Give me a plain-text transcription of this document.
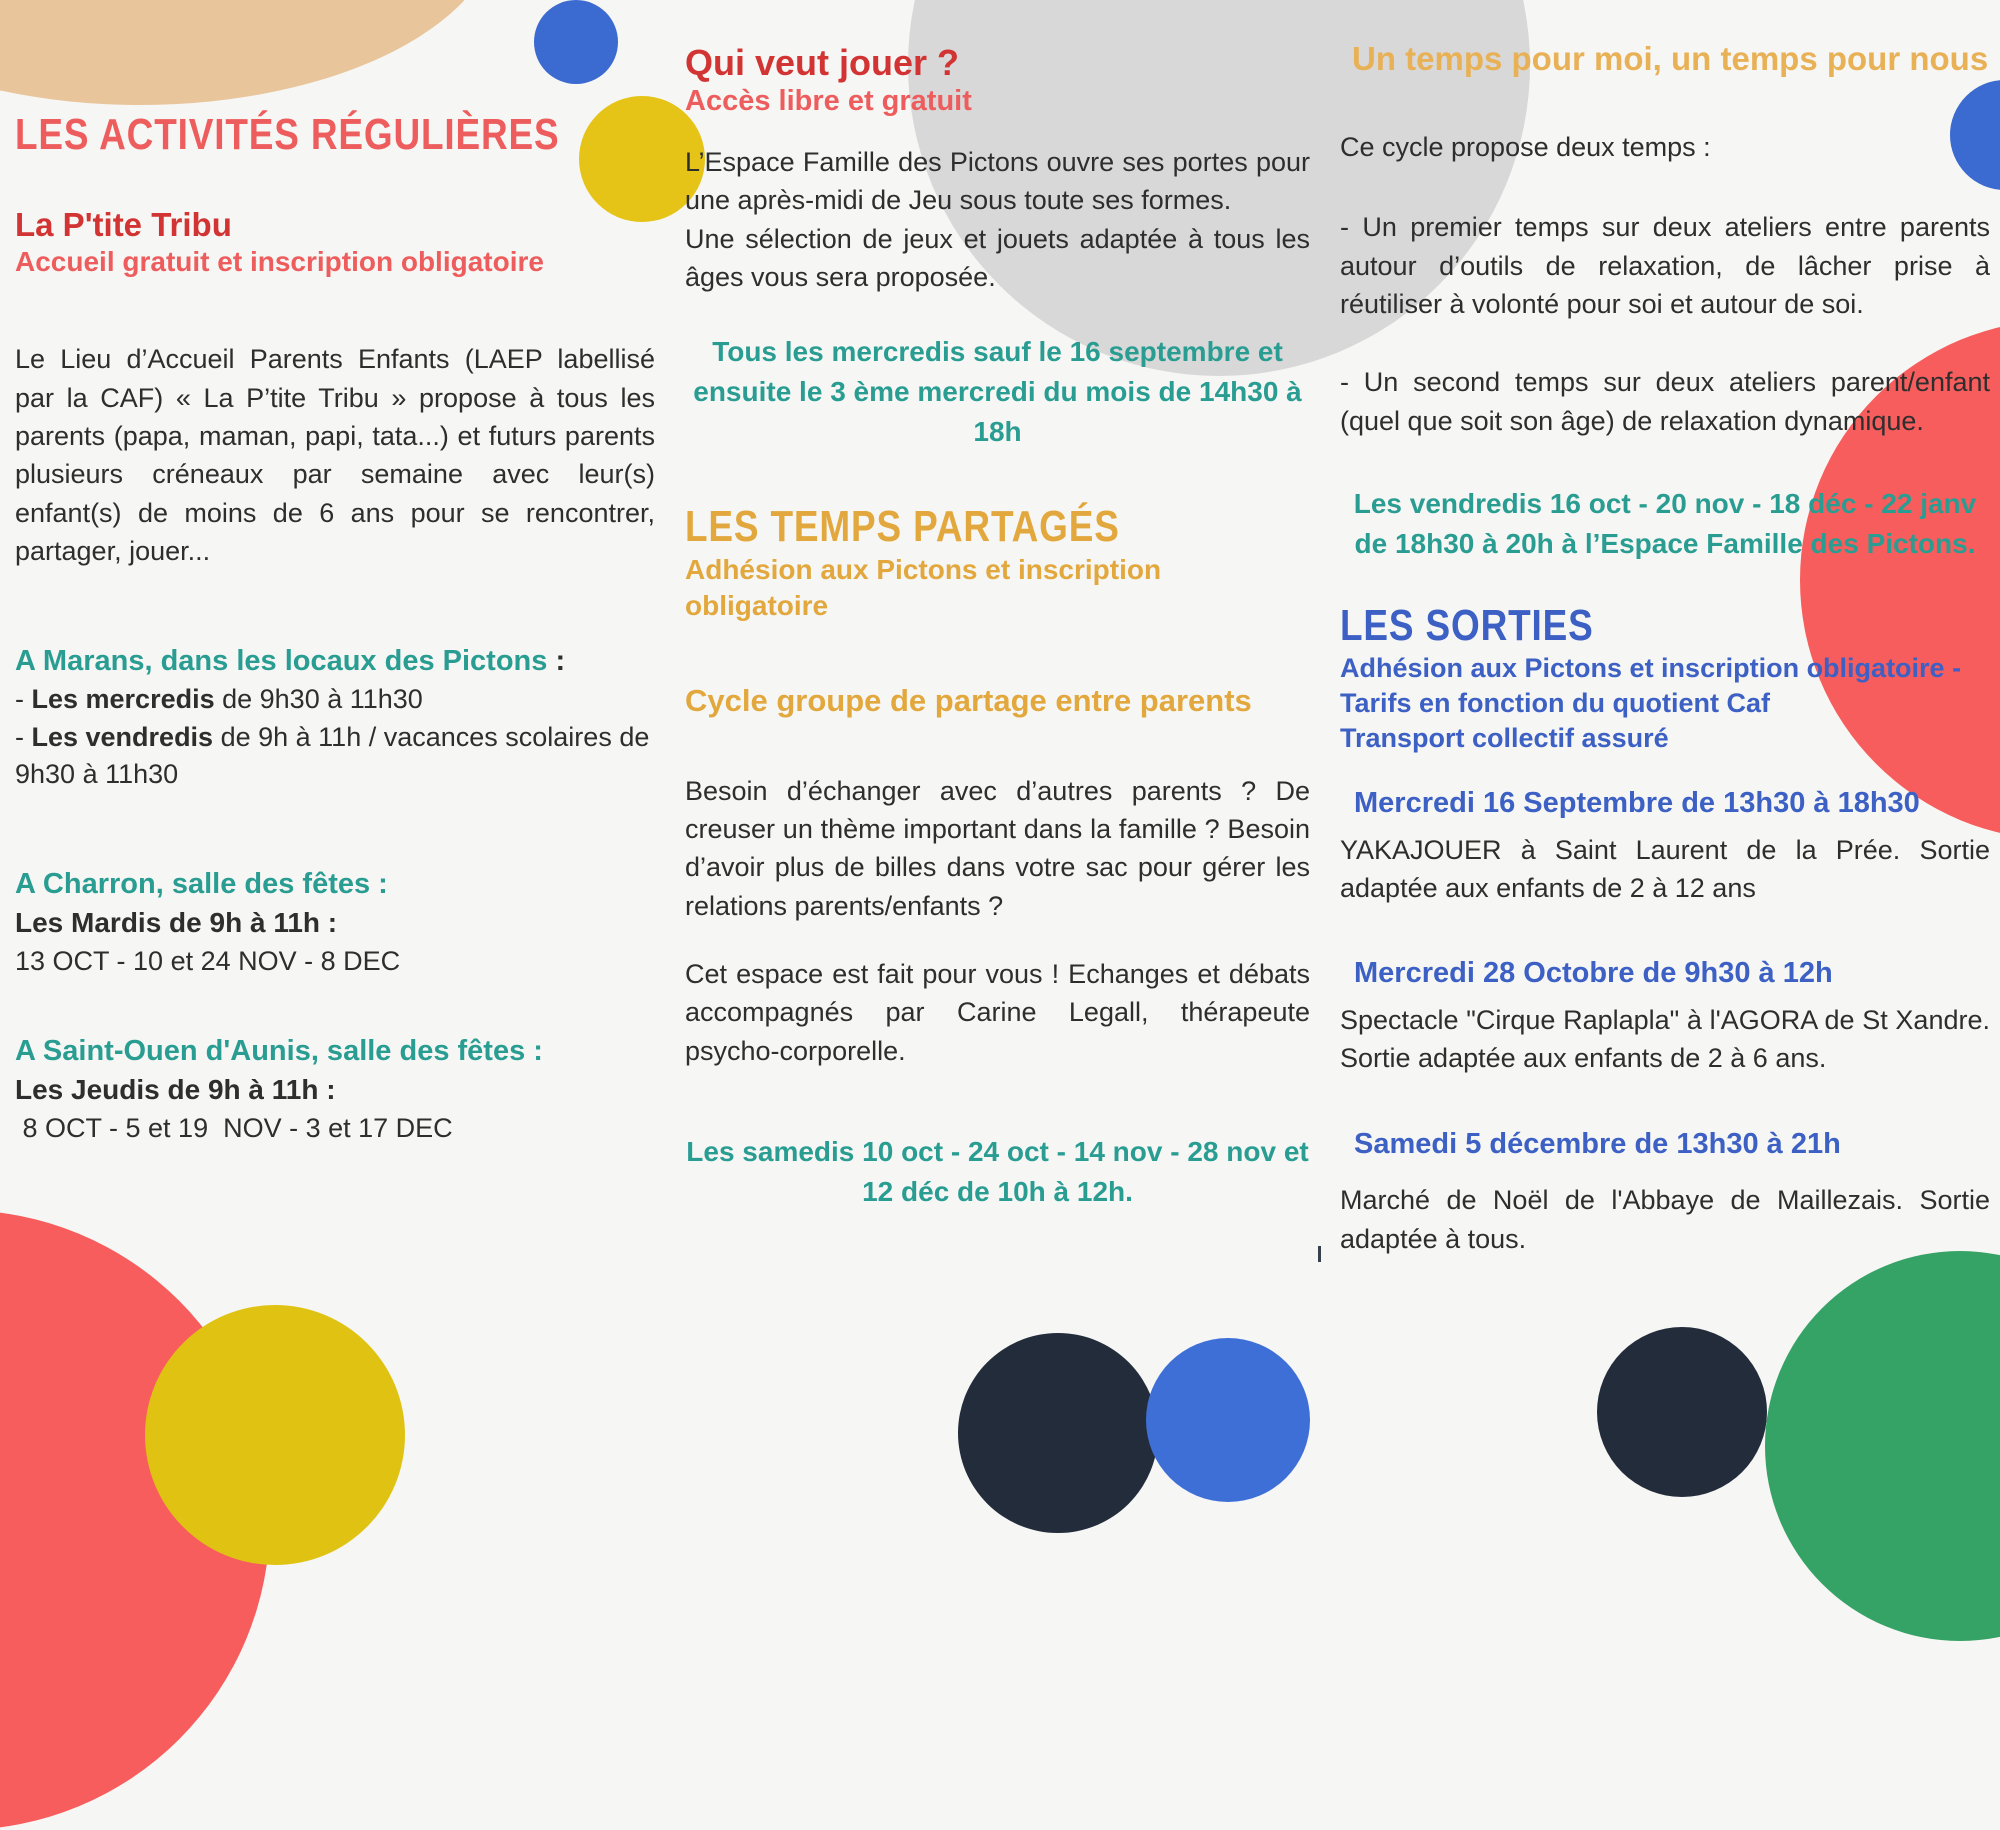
LES ACTIVITÉS RÉGULIÈRES
La P'tite Tribu
Accueil gratuit et inscription obligatoire

Le Lieu d’Accueil Parents Enfants (LAEP labellisé par la CAF) « La P’tite Tribu » propose à tous les parents (papa, maman, papi, tata...) et futurs parents plusieurs créneaux par semaine avec leur(s) enfant(s) de moins de 6 ans pour se rencontrer, partager, jouer...

A Marans, dans les locaux des Pictons :
- Les mercredis de 9h30 à 11h30
- Les vendredis de 9h à 11h / vacances scolaires de 9h30 à 11h30
A Charron, salle des fêtes :
Les Mardis de 9h à 11h :
13 OCT - 10 et 24 NOV - 8 DEC
A Saint-Ouen d'Aunis, salle des fêtes :
Les Jeudis de 9h à 11h :
8 OCT - 5 et 19  NOV - 3 et 17 DEC
Qui veut jouer ?
Accès libre et gratuit

L’Espace Famille des Pictons ouvre ses portes pour une après-midi de Jeu sous toute ses formes.

Une sélection de jeux et jouets adaptée à tous les âges vous sera proposée.

Tous les mercredis sauf le 16 septembre et ensuite le 3 ème mercredi du mois de 14h30 à 18h
LES TEMPS PARTAGÉS
Adhésion aux Pictons et inscription obligatoire
Cycle groupe de partage entre parents

Besoin d’échanger avec d’autres parents ? De creuser un thème important dans la famille ? Besoin d’avoir plus de billes dans votre sac pour gérer les relations parents/enfants ?

Cet espace est fait pour vous ! Echanges et débats accompagnés par Carine Legall, thérapeute psycho-corporelle.

Les samedis 10 oct - 24 oct - 14 nov - 28 nov et 12 déc de 10h à 12h.
Un temps pour moi, un temps pour nous

Ce cycle propose deux temps :

- Un premier temps sur deux ateliers entre parents autour d’outils de relaxation, de lâcher prise à réutiliser à volonté pour soi et autour de soi.

- Un second temps sur deux ateliers parent/enfant (quel que soit son âge) de relaxation dynamique.

Les vendredis 16 oct - 20 nov - 18 déc - 22 janv de 18h30 à 20h à l’Espace Famille des Pictons.
LES SORTIES
Adhésion aux Pictons et inscription obligatoire -
Tarifs en fonction du quotient Caf
Transport collectif assuré
Mercredi 16 Septembre de 13h30 à 18h30

YAKAJOUER à Saint Laurent de la Prée. Sortie adaptée aux enfants de 2 à 12 ans

Mercredi 28 Octobre de 9h30 à 12h

Spectacle "Cirque Raplapla" à l'AGORA de St Xandre. Sortie adaptée aux enfants de 2 à 6 ans.

Samedi 5 décembre de 13h30 à 21h

Marché de Noël de l'Abbaye de Maillezais. Sortie adaptée à tous.
